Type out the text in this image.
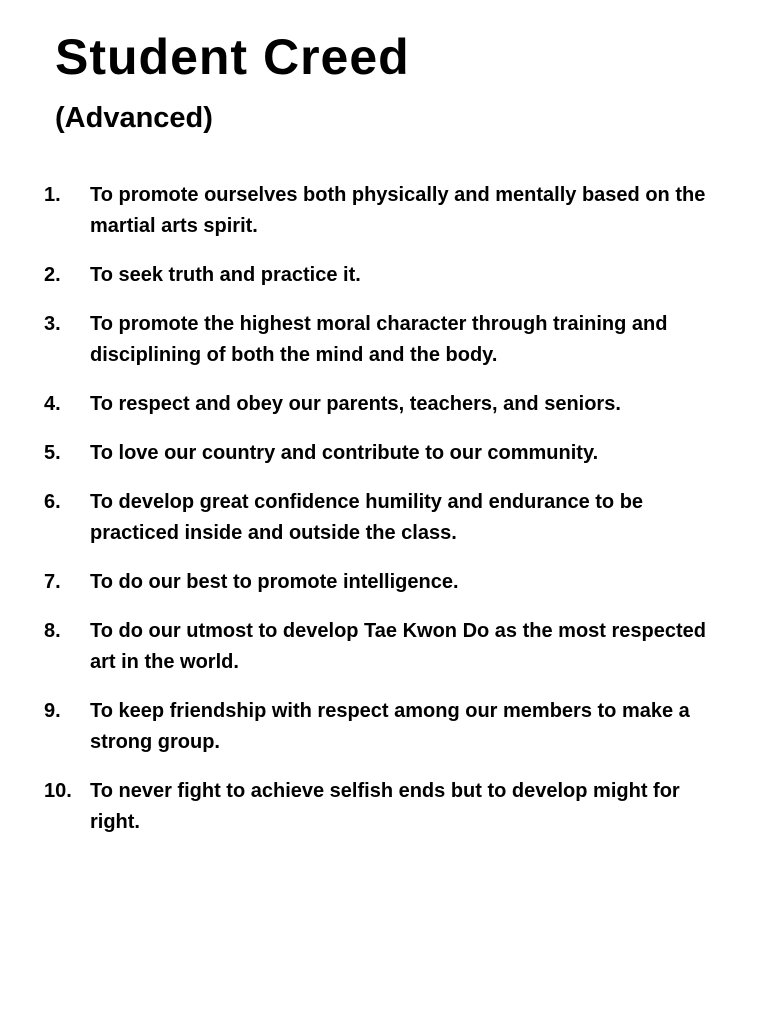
Student Creed
(Advanced)
1.	To promote ourselves both physically and mentally based on the martial arts spirit.
2.	To seek truth and practice it.
3.	To promote the highest moral character through training and disciplining of both the mind and the body.
4.	To respect and obey our parents, teachers, and seniors.
5.	To love our country and contribute to our community.
6.	To develop great confidence humility and endurance to be practiced inside and outside the class.
7.	To do our best to promote intelligence.
8.	To do our utmost to develop Tae Kwon Do as the most respected art in the world.
9.	To keep friendship with respect among our members to make a strong group.
10. To never fight to achieve selfish ends but to develop might for right.
